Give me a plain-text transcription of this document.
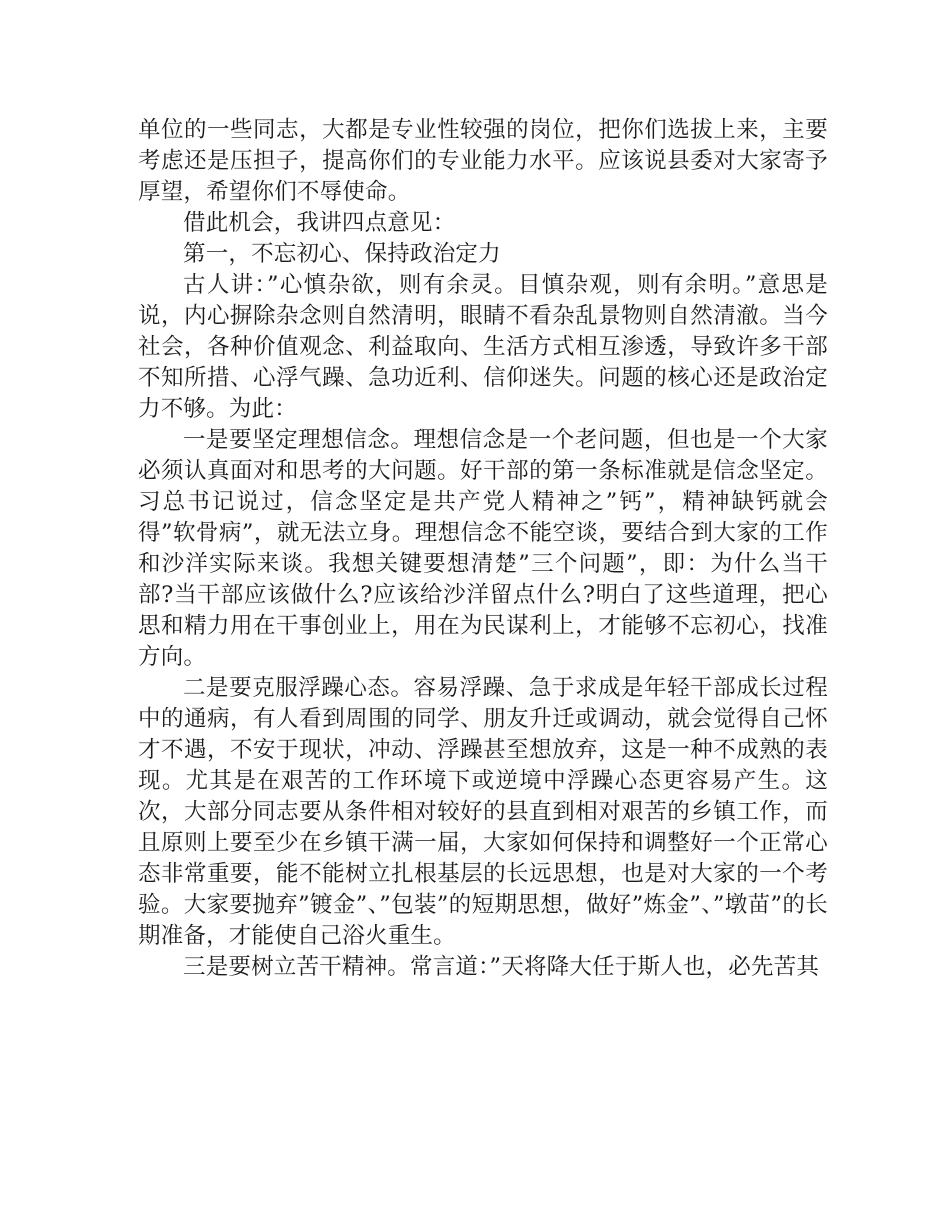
单位的一些同志，大都是专业性较强的岗位，把你们选拔上来，主要考虑还是压担子，提高你们的专业能力水平。应该说县委对大家寄予厚望，希望你们不辱使命。

借此机会，我讲四点意见：

第一，不忘初心、保持政治定力

古人讲：”心慎杂欲，则有余灵。目慎杂观，则有余明。”意思是说，内心摒除杂念则自然清明，眼睛不看杂乱景物则自然清澈。当今社会，各种价值观念、利益取向、生活方式相互渗透，导致许多干部不知所措、心浮气躁、急功近利、信仰迷失。问题的核心还是政治定力不够。为此：

一是要坚定理想信念。理想信念是一个老问题，但也是一个大家必须认真面对和思考的大问题。好干部的第一条标准就是信念坚定。习总书记说过，信念坚定是共产党人精神之”钙”，精神缺钙就会得”软骨病”，就无法立身。理想信念不能空谈，要结合到大家的工作和沙洋实际来谈。我想关键要想清楚”三个问题”，即：为什么当干部?当干部应该做什么?应该给沙洋留点什么?明白了这些道理，把心思和精力用在干事创业上，用在为民谋利上，才能够不忘初心，找准方向。

二是要克服浮躁心态。容易浮躁、急于求成是年轻干部成长过程中的通病，有人看到周围的同学、朋友升迁或调动，就会觉得自己怀才不遇，不安于现状，冲动、浮躁甚至想放弃，这是一种不成熟的表现。尤其是在艰苦的工作环境下或逆境中浮躁心态更容易产生。这次，大部分同志要从条件相对较好的县直到相对艰苦的乡镇工作，而且原则上要至少在乡镇干满一届，大家如何保持和调整好一个正常心态非常重要，能不能树立扎根基层的长远思想，也是对大家的一个考验。大家要抛弃”镀金”、”包装”的短期思想，做好”炼金”、”墩苗”的长期准备，才能使自己浴火重生。

三是要树立苦干精神。常言道：”天将降大任于斯人也，必先苦其
